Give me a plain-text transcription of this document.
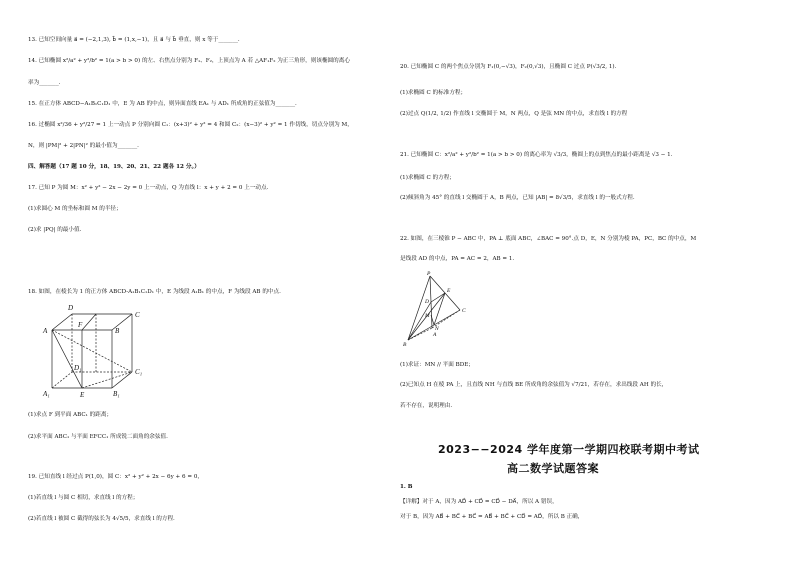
13. 已知空间向量 a⃗ = (−2,1,3), b⃗ = (1,x,−1)，且 a⃗ 与 b⃗ 垂直，则 x 等于_______.
14. 已知椭圆 x²/a² + y²/b² = 1(a > b > 0) 的左、右焦点分别为 F₁、F₂，上顶点为 A 若 △AF₁F₂ 为正三角形，则该椭圆的离心
率为_______.
15. 在正方体 ABCD−A₁B₁C₁D₁ 中，E 为 AB 的中点，则异面直线 EA₁ 与 AD₁ 所成角的正弦值为_______.
16. 过椭圆 x²/36 + y²/27 = 1 上一动点 P 分别向圆 C₁：(x+3)² + y² = 4 和圆 C₂：(x−3)² + y² = 1 作切线，切点分别为 M，
N，则 |PM|² + 2|PN|² 的最小值为_______.
四、解答题（17 题 10 分，18、19、20、21、22 题各 12 分。）
17. 已知 P 为圆 M：x² + y² − 2x − 2y = 0 上一动点，Q 为直线 l：x + y + 2 = 0 上一动点.
(1)求圆心 M 的坐标和圆 M 的半径；
(2)求 |PQ| 的最小值.
18. 如图，在棱长为 1 的正方体 ABCD-A₁B₁C₁D₁ 中，E 为线段 A₁B₁ 的中点，F 为线段 AB 的中点.
A	B
C
D
A₁	B₁
C₁
D₁
E
F
(1)求点 F 到平面 ABC₁ 的距离；
(2)求平面 ABC₁ 与平面 EFCC₁ 所成锐二面角的余弦值.
19. 已知直线 l 经过点 P(1,0)，圆 C：x² + y² + 2x − 6y + 6 = 0，
(1)若直线 l 与圆 C 相切，求直线 l 的方程；
(2)若直线 l 被圆 C 截得的弦长为 4√5/5，求直线 l 的方程.
20. 已知椭圆 C 的两个焦点分别为 F₁(0,−√3)，F₂(0,√3)，且椭圆 C 过点 P(√3/2, 1).
(1)求椭圆 C 的标准方程；
(2)过点 Q(1/2, 1/2) 作直线 l 交椭圆于 M，N 两点，Q 是弦 MN 的中点，求直线 l 的方程
21. 已知椭圆 C：x²/a² + y²/b² = 1(a > b > 0) 的离心率为 √3/3，椭圆上的点到焦点的最小距离是 √3 − 1.
(1)求椭圆 C 的方程；
(2)倾斜角为 45° 的直线 l 交椭圆于 A，B 两点，已知 |AB| = 8√3/5，求直线 l 的一般式方程.
22. 如图，在三棱锥 P − ABC 中，PA ⊥ 底面 ABC，∠BAC = 90°.点 D，E，N 分别为棱 PA，PC，BC 的中点，M
是线段 AD 的中点，PA = AC = 2，AB = 1.
P
A
B
C
D
E
M
N
(1)求证：MN // 平面 BDE；
(2)已知点 H 在棱 PA 上，且直线 NH 与直线 BE 所成角的余弦值为 √7/21，若存在，求出线段 AH 的长，
若不存在，说明理由.
2023−−2024 学年度第一学期四校联考期中考试
高二数学试题答案
1. B
【详解】对于 A，因为 AD⃗ + CD⃗ = CD⃗ − DA⃗，所以 A 错误，
对于 B，因为 AB⃗ + BC⃗ + BC⃗ = AB⃗ + BC⃗ + CD⃗ = AD⃗，所以 B 正确，
